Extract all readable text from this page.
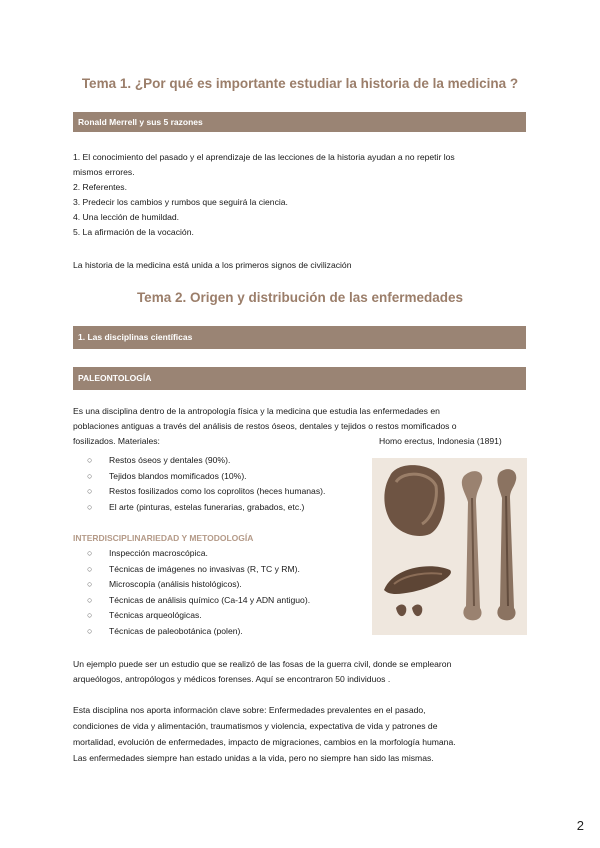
Tema 1. ¿Por qué es importante estudiar la historia de la medicina ?
Ronald Merrell y sus 5 razones
1. El conocimiento del pasado y el aprendizaje de las lecciones de la historia ayudan a no repetir los
mismos errores.
2. Referentes.
3. Predecir los cambios y rumbos que seguirá la ciencia.
4. Una lección de humildad.
5. La afirmación de la vocación.
La historia de la medicina está unida a los primeros signos de civilización
Tema 2. Origen y distribución de las enfermedades
1. Las disciplinas científicas
PALEONTOLOGÍA
Es una disciplina dentro de la antropología física y la medicina que estudia las enfermedades en
poblaciones antiguas a través del análisis de restos óseos, dentales y tejidos o restos momificados o
fosilizados. Materiales:	Homo erectus, Indonesia (1891)
○ Restos óseos y dentales (90%).
○ Tejidos blandos momificados (10%).
○ Restos fosilizados como los coprolitos (heces humanas).
○ El arte (pinturas, estelas funerarias, grabados, etc.)
INTERDISCIPLINARIEDAD Y METODOLOGÍA
○ Inspección macroscópica.
○ Técnicas de imágenes no invasivas (R, TC y RM).
○ Microscopía (análisis histológicos).
○ Técnicas de análisis químico (Ca-14 y ADN antiguo).
○ Técnicas arqueológicas.
○ Técnicas de paleobotánica (polen).
Un ejemplo puede ser un estudio que se realizó de las fosas de la guerra civil, donde se emplearon
arqueólogos, antropólogos y médicos forenses. Aquí se encontraron 50 individuos .
Esta disciplina nos aporta información clave sobre: Enfermedades prevalentes en el pasado,
condiciones de vida y alimentación, traumatismos y violencia, expectativa de vida y patrones de
mortalidad, evolución de enfermedades, impacto de migraciones, cambios en la morfología humana.
Las enfermedades siempre han estado unidas a la vida, pero no siempre han sido las mismas.
2
